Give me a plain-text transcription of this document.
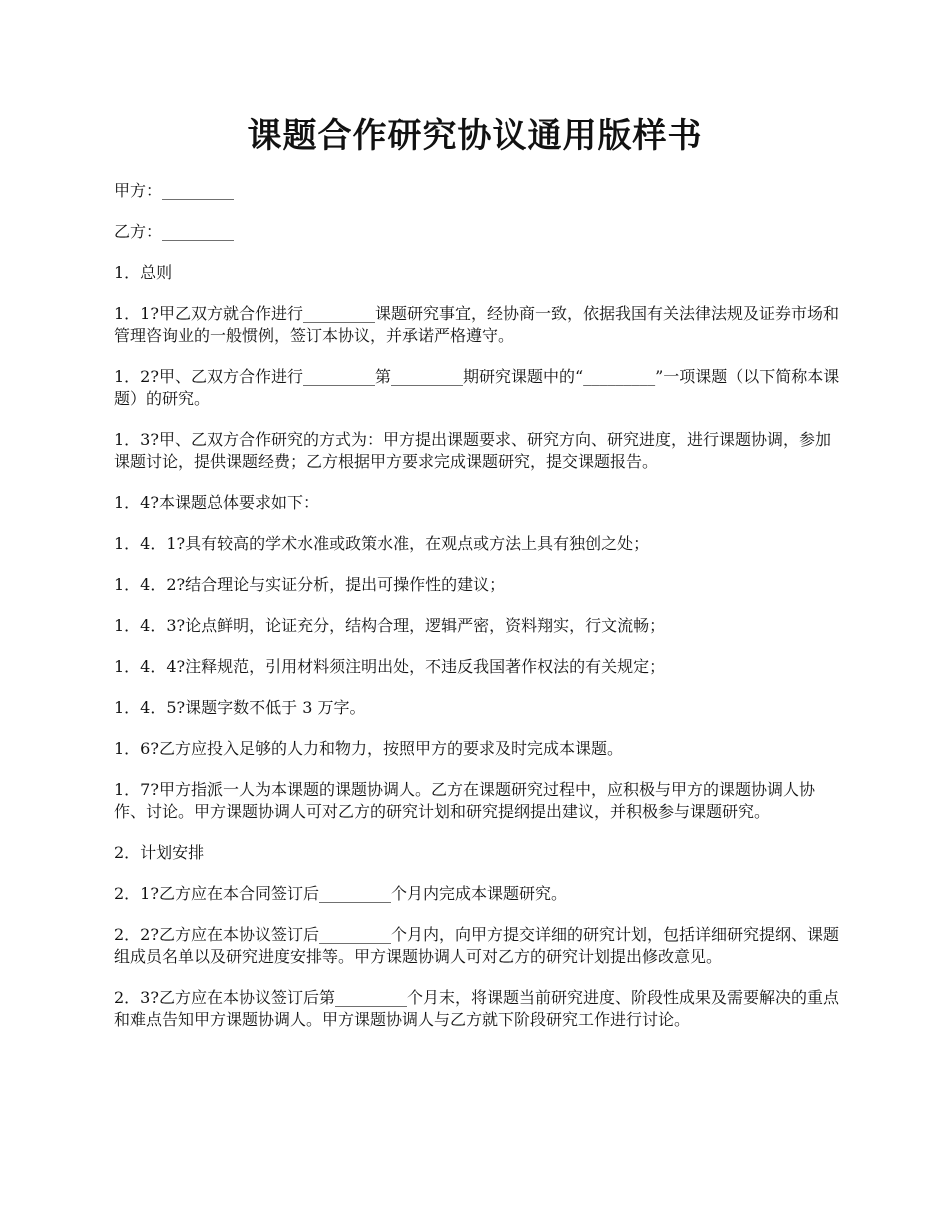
课题合作研究协议通用版样书

甲方：_________

乙方：_________

1．总则

1．1?甲乙双方就合作进行_________课题研究事宜，经协商一致，依据我国有关法律法规及证券市场和管理咨询业的一般惯例，签订本协议，并承诺严格遵守。

1．2?甲、乙双方合作进行_________第_________期研究课题中的“_________”一项课题（以下简称本课题）的研究。

1．3?甲、乙双方合作研究的方式为：甲方提出课题要求、研究方向、研究进度，进行课题协调，参加课题讨论，提供课题经费；乙方根据甲方要求完成课题研究，提交课题报告。

1．4?本课题总体要求如下：

1．4．1?具有较高的学术水准或政策水准，在观点或方法上具有独创之处；

1．4．2?结合理论与实证分析，提出可操作性的建议；

1．4．3?论点鲜明，论证充分，结构合理，逻辑严密，资料翔实，行文流畅；

1．4．4?注释规范，引用材料须注明出处，不违反我国著作权法的有关规定；

1．4．5?课题字数不低于 3 万字。

1．6?乙方应投入足够的人力和物力，按照甲方的要求及时完成本课题。

1．7?甲方指派一人为本课题的课题协调人。乙方在课题研究过程中，应积极与甲方的课题协调人协作、讨论。甲方课题协调人可对乙方的研究计划和研究提纲提出建议，并积极参与课题研究。

2．计划安排

2．1?乙方应在本合同签订后_________个月内完成本课题研究。

2．2?乙方应在本协议签订后_________个月内，向甲方提交详细的研究计划，包括详细研究提纲、课题组成员名单以及研究进度安排等。甲方课题协调人可对乙方的研究计划提出修改意见。

2．3?乙方应在本协议签订后第_________个月末，将课题当前研究进度、阶段性成果及需要解决的重点和难点告知甲方课题协调人。甲方课题协调人与乙方就下阶段研究工作进行讨论。
